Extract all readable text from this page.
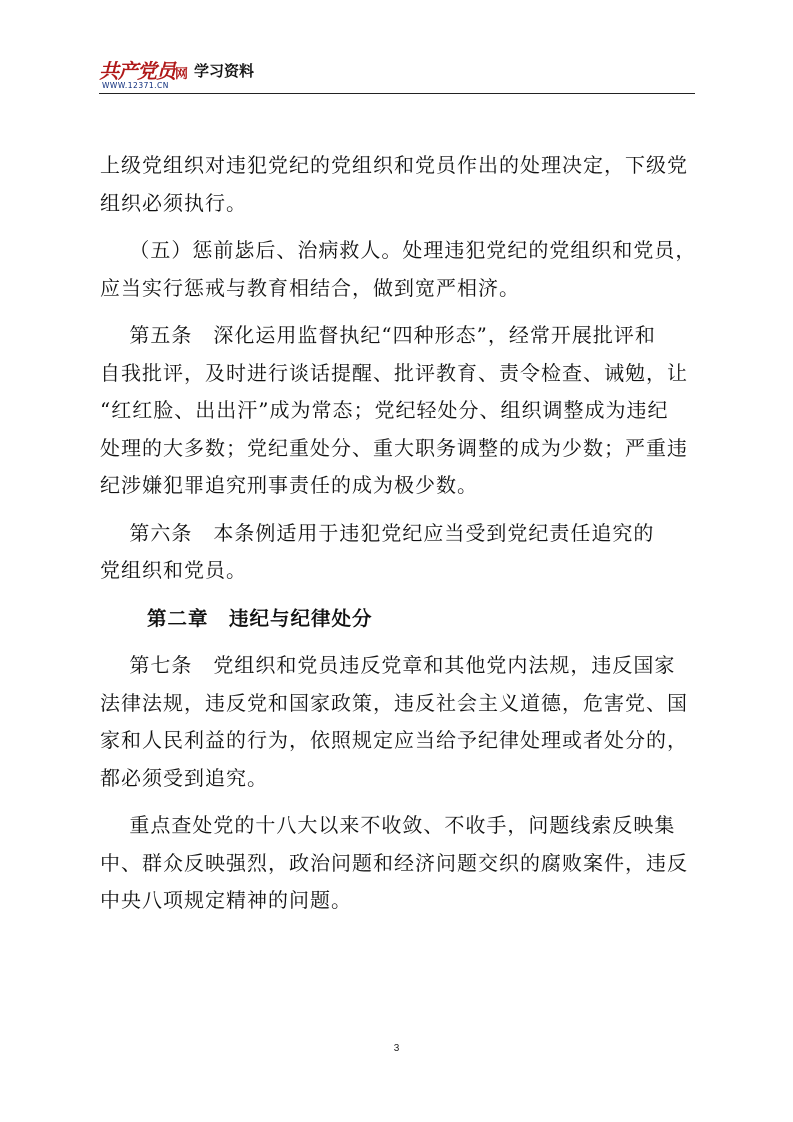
共产党员网
WWW.12371.CN
学习资料
上级党组织对违犯党纪的党组织和党员作出的处理决定，下级党
组织必须执行。
（五）惩前毖后、治病救人。处理违犯党纪的党组织和党员，
应当实行惩戒与教育相结合，做到宽严相济。
第五条　深化运用监督执纪“四种形态”，经常开展批评和
自我批评，及时进行谈话提醒、批评教育、责令检查、诫勉，让
“红红脸、出出汗”成为常态；党纪轻处分、组织调整成为违纪
处理的大多数；党纪重处分、重大职务调整的成为少数；严重违
纪涉嫌犯罪追究刑事责任的成为极少数。
第六条　本条例适用于违犯党纪应当受到党纪责任追究的
党组织和党员。
第二章　违纪与纪律处分
第七条　党组织和党员违反党章和其他党内法规，违反国家
法律法规，违反党和国家政策，违反社会主义道德，危害党、国
家和人民利益的行为，依照规定应当给予纪律处理或者处分的，
都必须受到追究。
重点查处党的十八大以来不收敛、不收手，问题线索反映集
中、群众反映强烈，政治问题和经济问题交织的腐败案件，违反
中央八项规定精神的问题。
3
